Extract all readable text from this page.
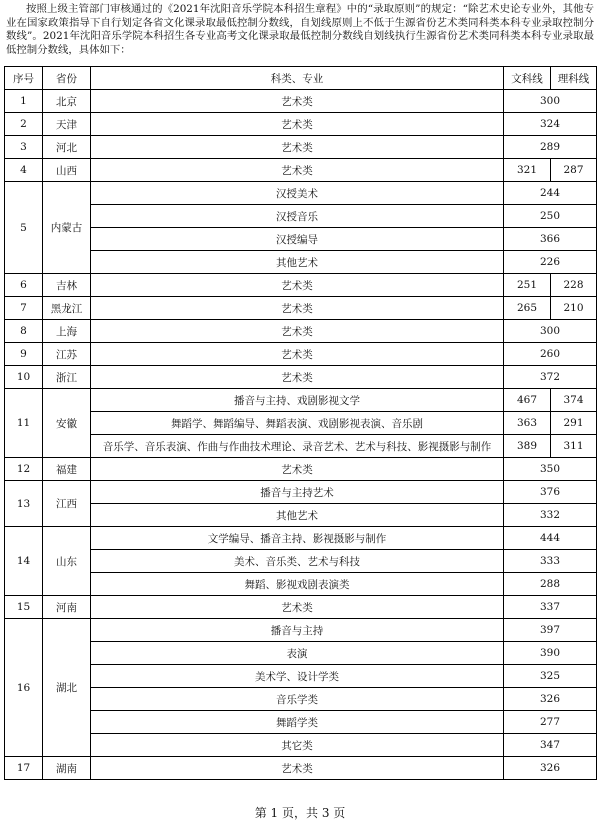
按照上级主管部门审核通过的《2021年沈阳音乐学院本科招生章程》中的“录取原则”的规定：“除艺术史论专业外，其他专业在国家政策指导下自行划定各省文化课录取最低控制分数线，自划线原则上不低于生源省份艺术类同科类本科专业录取控制分数线”。2021年沈阳音乐学院本科招生各专业高考文化课录取最低控制分数线自划线执行生源省份艺术类同科类本科专业录取最低控制分数线，具体如下：

序号	省份	科类、专业	文科线	理科线
1	北京	艺术类	300	
2	天津	艺术类	324	
3	河北	艺术类	289	
4	山西	艺术类	321	287
5	内蒙古	汉授美术	244	
		汉授音乐	250	
		汉授编导	366	
		其他艺术	226	
6	吉林	艺术类	251	228
7	黑龙江	艺术类	265	210
8	上海	艺术类	300	
9	江苏	艺术类	260	
10	浙江	艺术类	372	
11	安徽	播音与主持、戏剧影视文学	467	374
		舞蹈学、舞蹈编导、舞蹈表演、戏剧影视表演、音乐剧	363	291
		音乐学、音乐表演、作曲与作曲技术理论、录音艺术、艺术与科技、影视摄影与制作	389	311
12	福建	艺术类	350	
13	江西	播音与主持艺术	376	
		其他艺术	332	
14	山东	文学编导、播音主持、影视摄影与制作	444	
		美术、音乐类、艺术与科技	333	
		舞蹈、影视戏剧表演类	288	
15	河南	艺术类	337	
16	湖北	播音与主持	397	
		表演	390	
		美术学、设计学类	325	
		音乐学类	326	
		舞蹈学类	277	
		其它类	347	
17	湖南	艺术类	326	
第 1 页，共 3 页
